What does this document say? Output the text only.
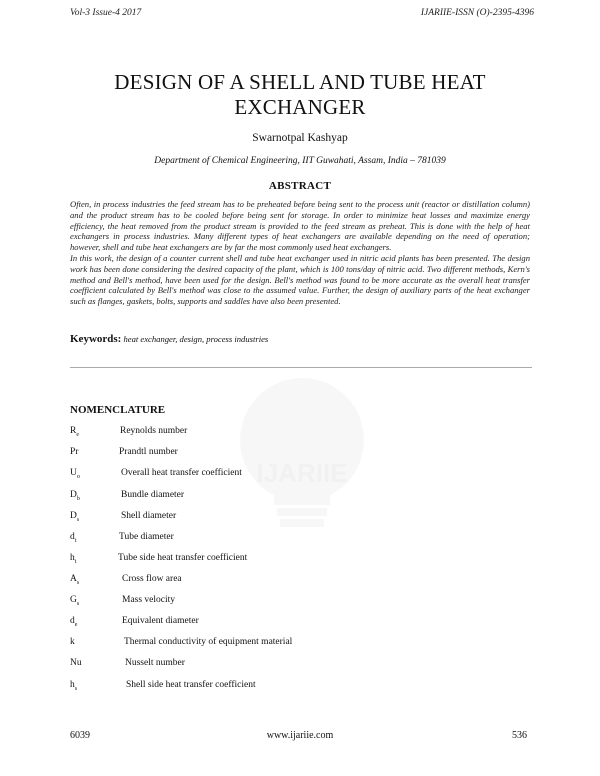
Vol-3 Issue-4 2017	IJARIIE-ISSN (O)-2395-4396
IJARIIE
DESIGN OF A SHELL AND TUBE HEAT
EXCHANGER
Swarnotpal Kashyap
Department of Chemical Engineering, IIT Guwahati, Assam, India – 781039
ABSTRACT
Often, in process industries the feed stream has to be preheated before being sent to the process unit (reactor or distillation column) and the product stream has to be cooled before being sent for storage. In order to minimize heat losses and maximize energy efficiency, the heat removed from the product stream is provided to the feed stream as preheat. This is done with the help of heat exchangers in process industries. Many different types of heat exchangers are available depending on the need of operation; however, shell and tube heat exchangers are by far the most commonly used heat exchangers.
In this work, the design of a counter current shell and tube heat exchanger used in nitric acid plants has been presented. The design work has been done considering the desired capacity of the plant, which is 100 tons/day of nitric acid. Two different methods, Kern's method and Bell's method, have been used for the design. Bell's method was found to be more accurate as the overall heat transfer coefficient calculated by Bell's method was close to the assumed value. Further, the design of auxiliary parts of the heat exchanger such as flanges, gaskets, bolts, supports and saddles have also been presented.
Keywords: heat exchanger, design, process industries
NOMENCLATURE
$R_e$	Reynolds number
Pr	Prandtl number
$U_o$	Overall heat transfer coefficient
$D_b$	Bundle diameter
$D_s$	Shell diameter
$d_t$	Tube diameter
$h_t$	Tube side heat transfer coefficient
$A_s$	Cross flow area
$G_s$	Mass velocity
$d_e$	Equivalent diameter
k	Thermal conductivity of equipment material
Nu	Nusselt number
$h_s$	Shell side heat transfer coefficient
6039	www.ijariie.com	536
